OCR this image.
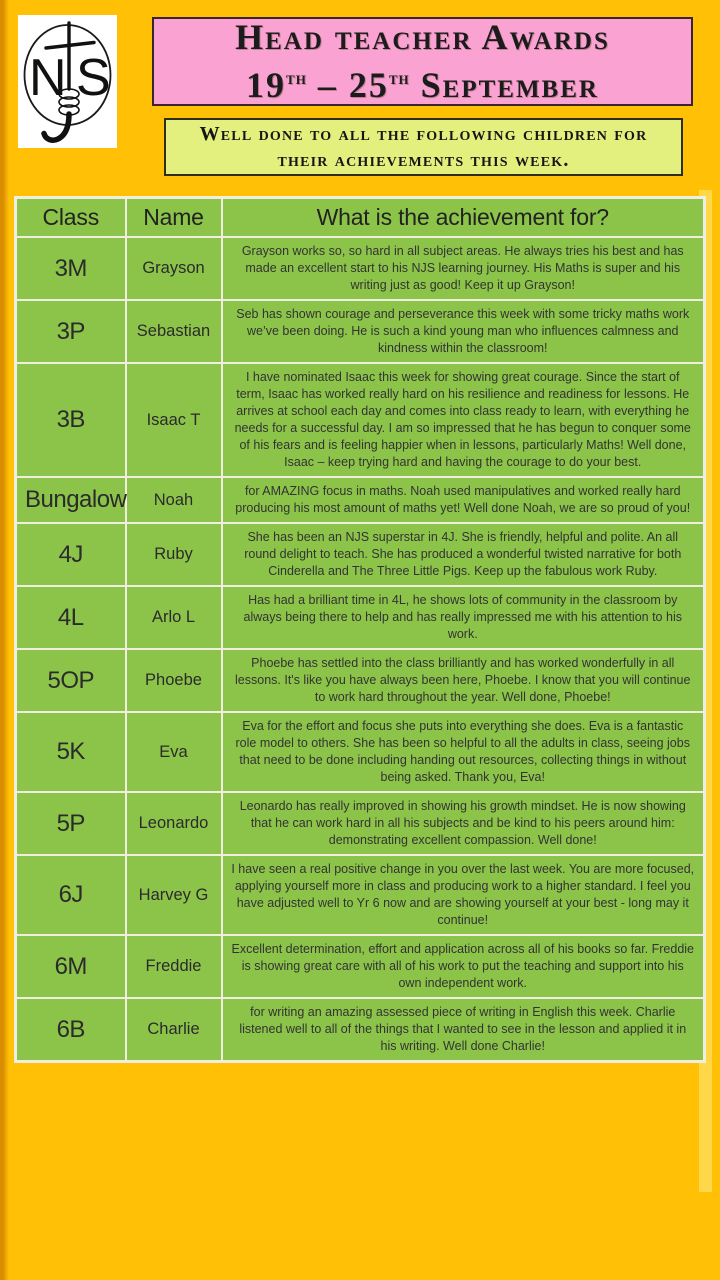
N S
Head teacher Awards
19th – 25th September
Well done to all the following children for their achievements this week.
Class	Name	What is the achievement for?
3M	Grayson	Grayson works so, so hard in all subject areas. He always tries his best and has made an excellent start to his NJS learning journey. His Maths is super and his writing just as good! Keep it up Grayson!
3P	Sebastian	Seb has shown courage and perseverance this week with some tricky maths work we’ve been doing. He is such a kind young man who influences calmness and kindness within the classroom!
3B	Isaac T	I have nominated Isaac this week for showing great courage. Since the start of term, Isaac has worked really hard on his resilience and readiness for lessons. He arrives at school each day and comes into class ready to learn, with everything he needs for a successful day. I am so impressed that he has begun to conquer some of his fears and is feeling happier when in lessons, particularly Maths! Well done, Isaac – keep trying hard and having the courage to do your best.
Bungalow	Noah	for AMAZING focus in maths. Noah used manipulatives and worked really hard producing his most amount of maths yet! Well done Noah, we are so proud of you!
4J	Ruby	She has been an NJS superstar in 4J. She is friendly, helpful and polite. An all round delight to teach. She has produced a wonderful twisted narrative for both Cinderella and The Three Little Pigs. Keep up the fabulous work Ruby.
4L	Arlo L	Has had a brilliant time in 4L, he shows lots of community in the classroom by always being there to help and has really impressed me with his attention to his work.
5OP	Phoebe	Phoebe has settled into the class brilliantly and has worked wonderfully in all lessons. It's like you have always been here, Phoebe. I know that you will continue to work hard throughout the year. Well done, Phoebe!
5K	Eva	Eva for the effort and focus she puts into everything she does. Eva is a fantastic role model to others. She has been so helpful to all the adults in class, seeing jobs that need to be done including handing out resources, collecting things in without being asked. Thank you, Eva!
5P	Leonardo	Leonardo has really improved in showing his growth mindset. He is now showing that he can work hard in all his subjects and be kind to his peers around him: demonstrating excellent compassion. Well done!
6J	Harvey G	I have seen a real positive change in you over the last week. You are more focused, applying yourself more in class and producing work to a higher standard. I feel you have adjusted well to Yr 6 now and are showing yourself at your best - long may it continue!
6M	Freddie	Excellent determination, effort and application across all of his books so far. Freddie is showing great care with all of his work to put the teaching and support into his own independent work.
6B	Charlie	for writing an amazing assessed piece of writing in English this week. Charlie listened well to all of the things that I wanted to see in the lesson and applied it in his writing. Well done Charlie!
